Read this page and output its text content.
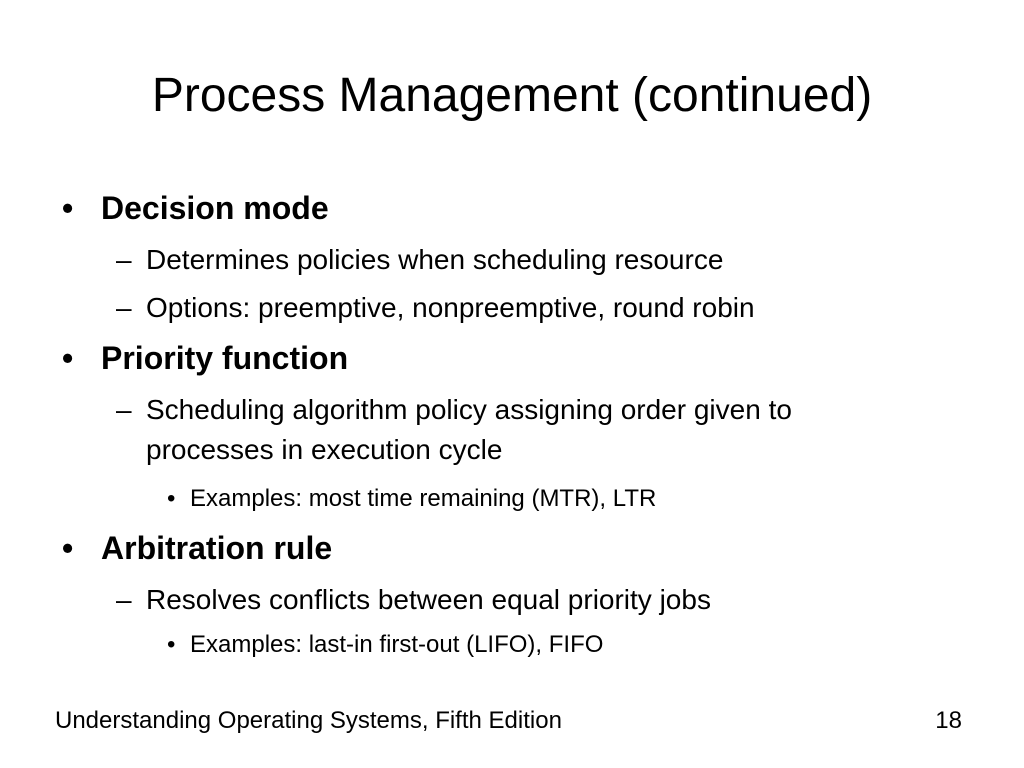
Process Management (continued)
• Decision mode
– Determines policies when scheduling resource
– Options: preemptive, nonpreemptive, round robin
• Priority function
– Scheduling algorithm policy assigning order given to
processes in execution cycle
• Examples: most time remaining (MTR), LTR
• Arbitration rule
– Resolves conflicts between equal priority jobs
• Examples: last-in first-out (LIFO), FIFO
Understanding Operating Systems, Fifth Edition	18
